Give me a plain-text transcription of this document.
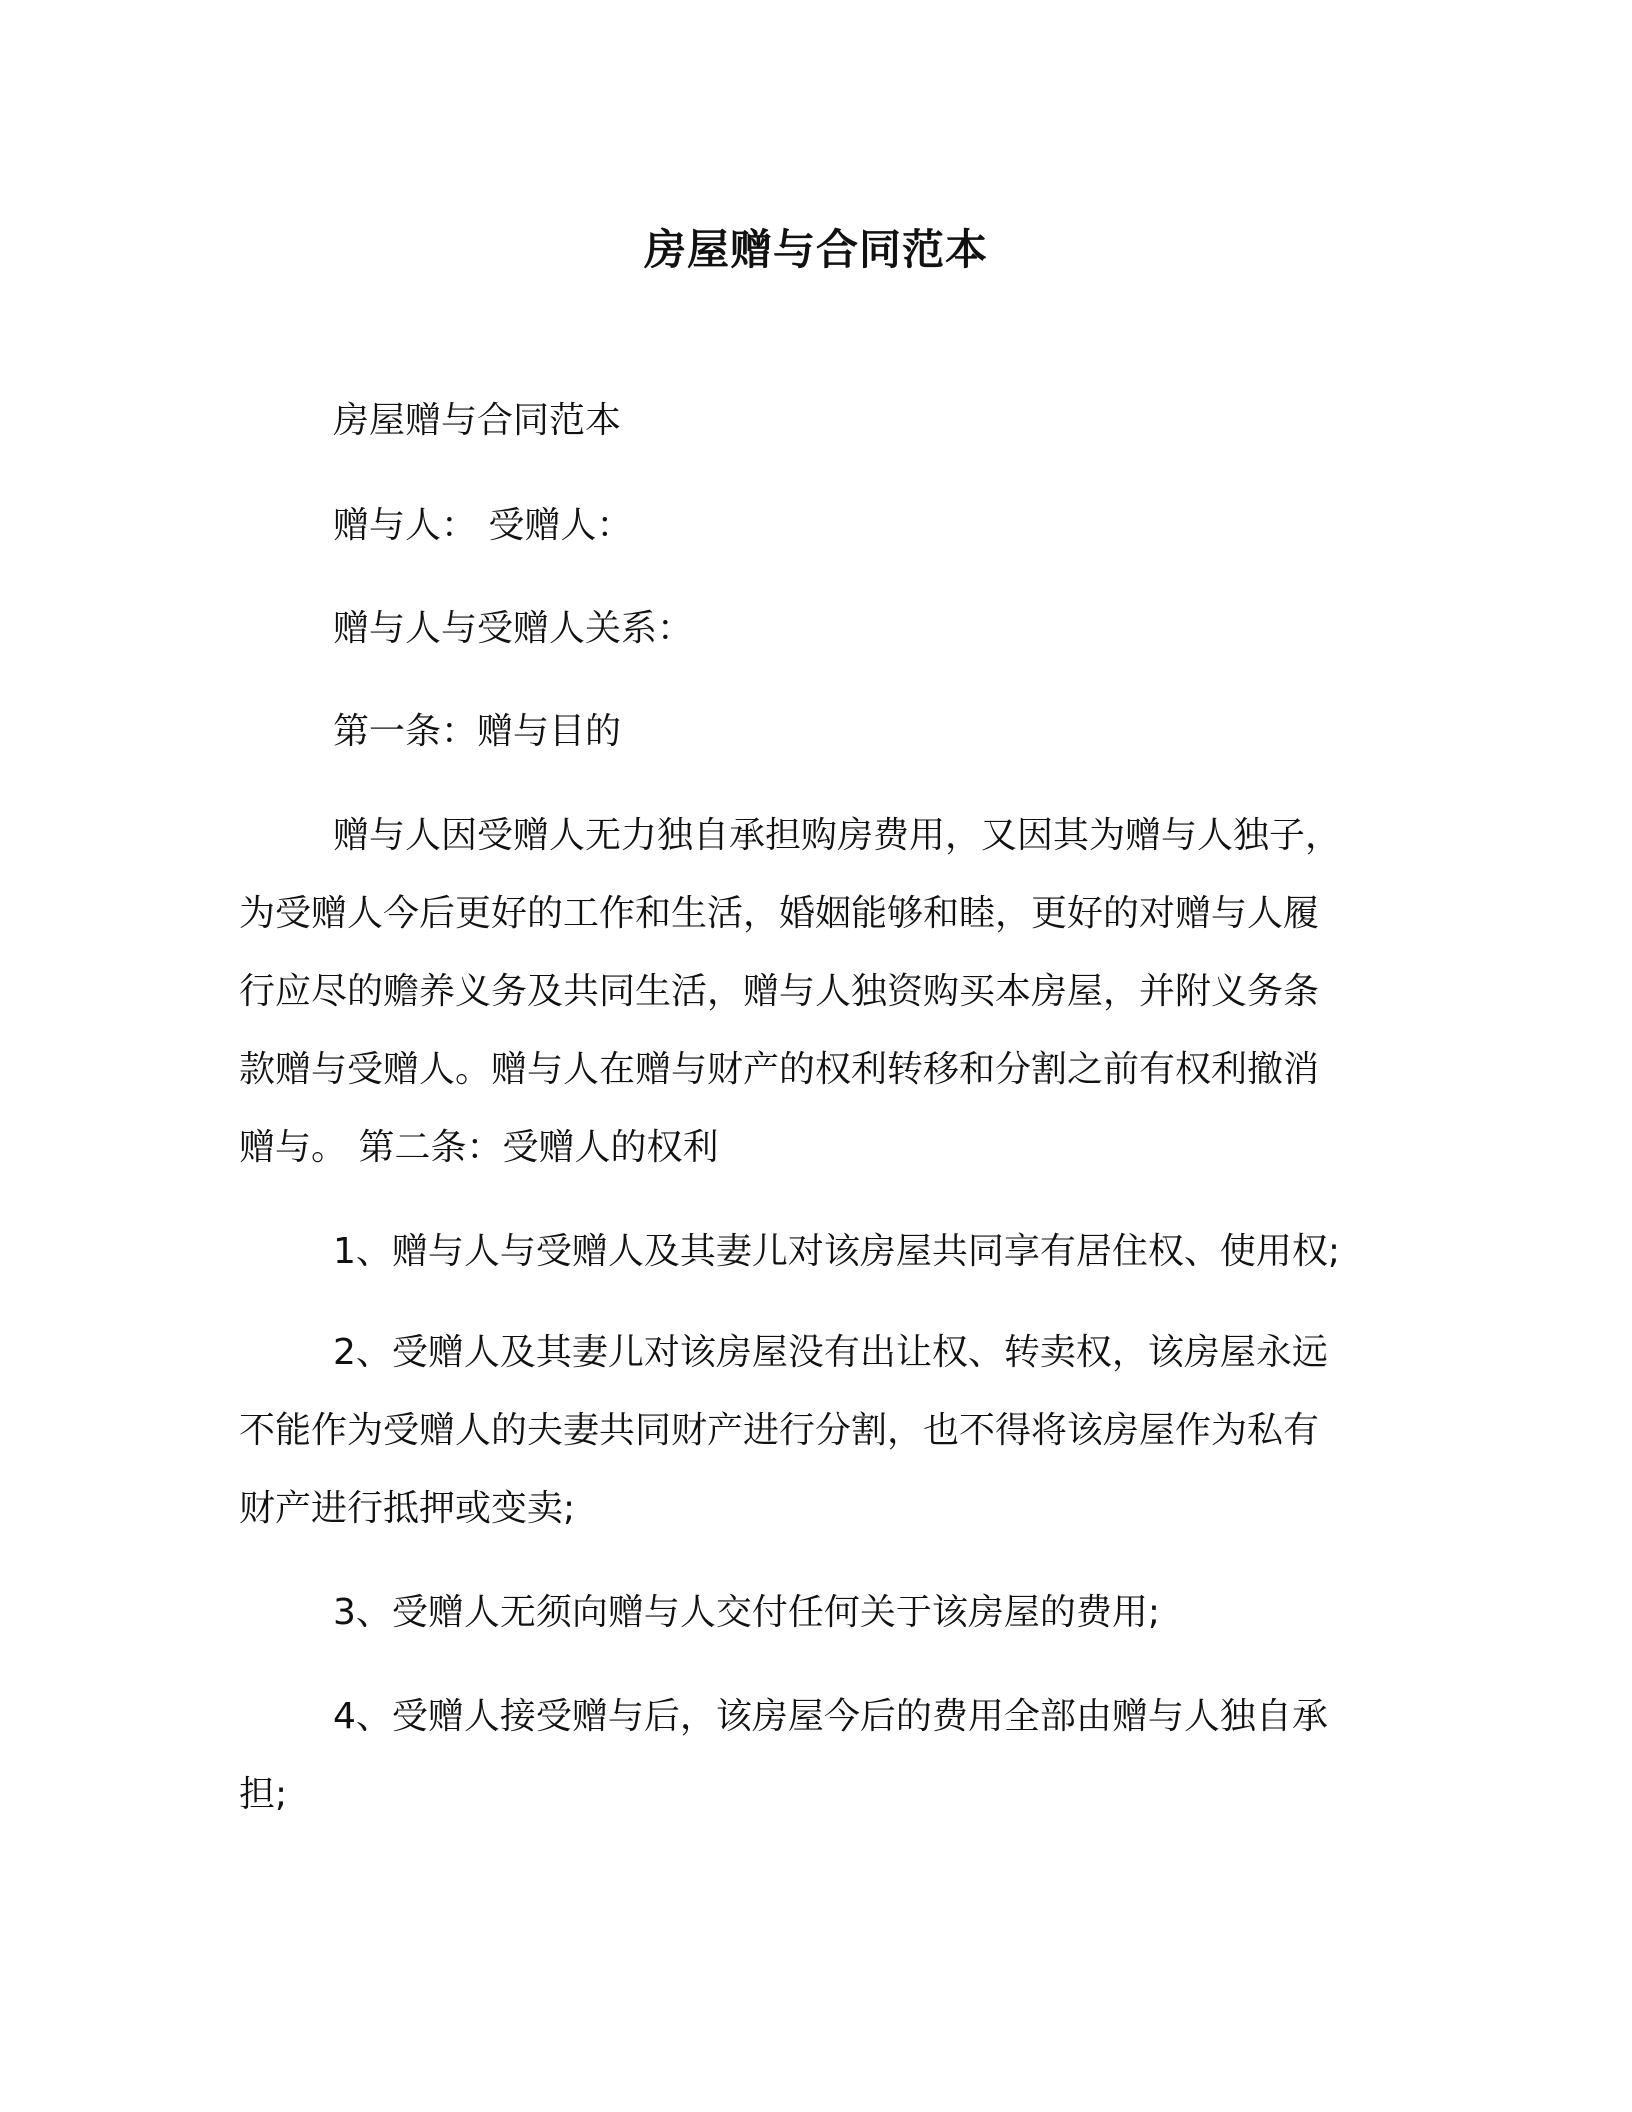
房屋赠与合同范本
房屋赠与合同范本
赠与人： 受赠人：
赠与人与受赠人关系：
第一条：赠与目的
赠与人因受赠人无力独自承担购房费用，又因其为赠与人独子，
为受赠人今后更好的工作和生活，婚姻能够和睦，更好的对赠与人履
行应尽的赡养义务及共同生活，赠与人独资购买本房屋，并附义务条
款赠与受赠人。赠与人在赠与财产的权利转移和分割之前有权利撤消
赠与。 第二条：受赠人的权利
1、赠与人与受赠人及其妻儿对该房屋共同享有居住权、使用权;
2、受赠人及其妻儿对该房屋没有出让权、转卖权，该房屋永远
不能作为受赠人的夫妻共同财产进行分割，也不得将该房屋作为私有
财产进行抵押或变卖;
3、受赠人无须向赠与人交付任何关于该房屋的费用;
4、受赠人接受赠与后，该房屋今后的费用全部由赠与人独自承
担;
